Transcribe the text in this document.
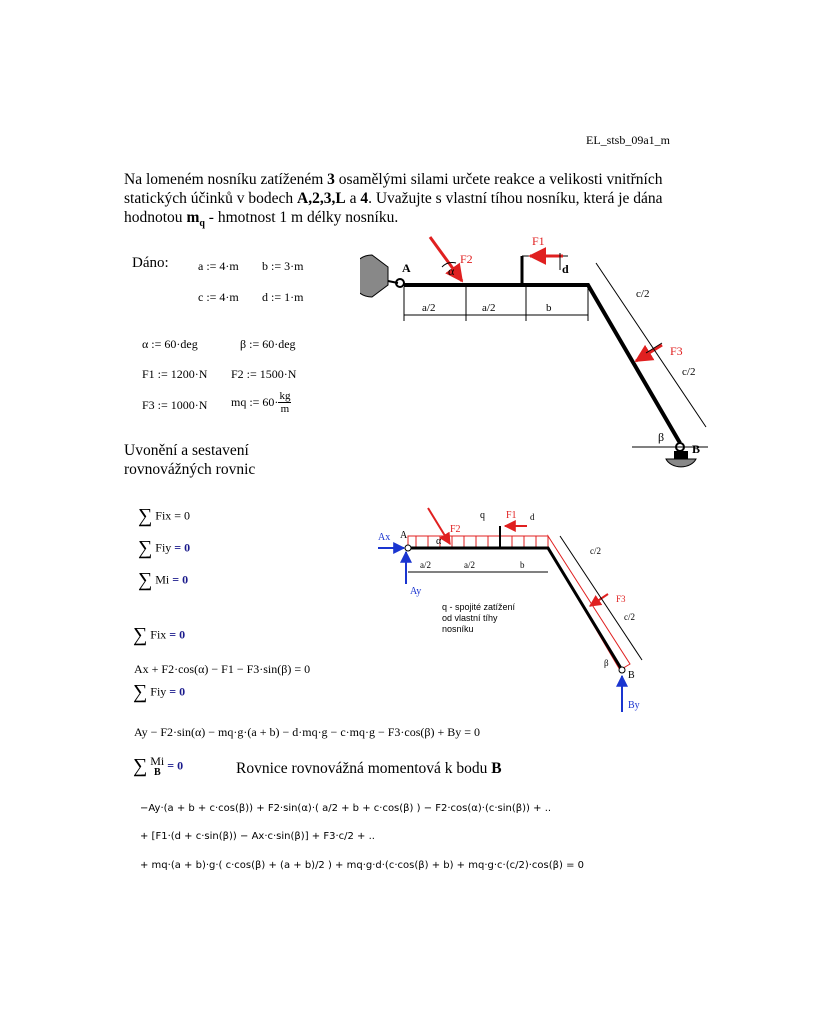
EL_stsb_09a1_m
Na lomeném nosníku zatíženém 3 osamělými silami určete reakce a velikosti vnitřních statických účinků v bodech A,2,3,L a 4. Uvažujte s vlastní tíhou nosníku, která je dána hodnotou $m_q$ - hmotnost 1 m délky nosníku.
Dáno: a := 4·m b := 3·m
c := 4·m d := 1·m
α := 60·deg	β := 60·deg
F1 := 1200·N F2 := 1500·N
F3 := 1000·N mq := $60\cdot \frac{kg}{m}$
Uvonění a sestavení
rovnovážných rovnic
∑ Fix = 0
∑ Fiy = 0
∑ Mi = 0
∑ Fix = 0
Ax + F2·cos(α) − F1 − F3·sin(β) = 0
∑ Fiy = 0
Ay − F2·sin(α) − mq·g·(a + b) − d·mq·g − c·mq·g − F3·cos(β) + By = 0
∑ Mi
B = 0	Rovnice rovnovážná momentová k bodu B
−Ay·(a + b + c·cos(β)) + F2·sin(α)·( a/2 + b + c·cos(β) ) − F2·cos(α)·(c·sin(β)) + ..
+ [F1·(d + c·sin(β)) − Ax·c·sin(β)] + F3·c/2 + ..
+ mq·(a + b)·g·( c·cos(β) + (a + b)/2 ) + mq·g·d·(c·cos(β) + b) + mq·g·c·(c/2)·cos(β) = 0
A
F2
α
F1
d
a/2	a/2	b
c/2
c/2
F3
β
B
Ax A
Ay
F2
α
q F1 d
a/2	a/2	b
c/2
c/2
F3
β
B
By
q - spojité zatížení
od vlastní tíhy
nosníku
